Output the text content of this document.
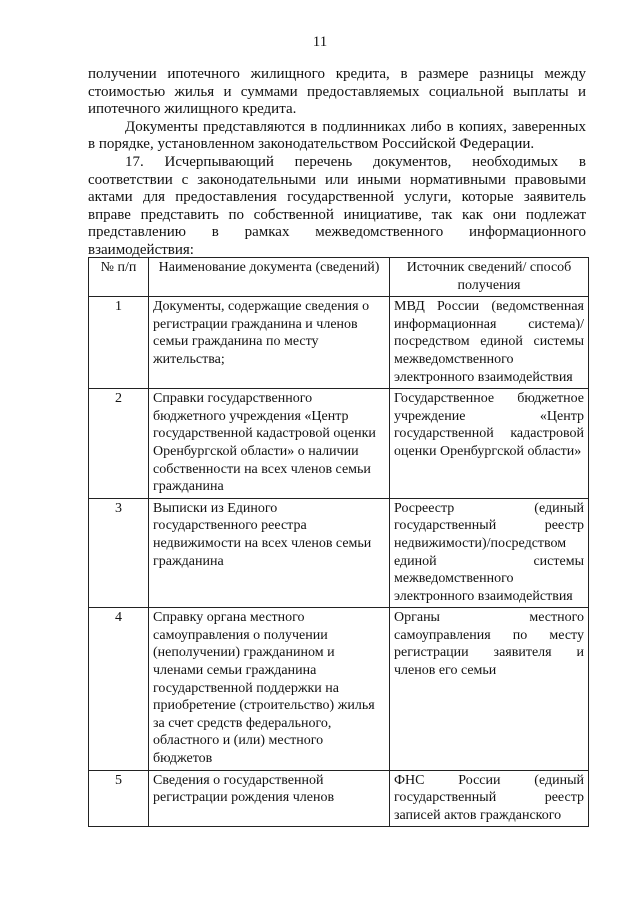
11

получении ипотечного жилищного кредита, в размере разницы между стоимостью жилья и суммами предоставляемых социальной выплаты и ипотечного жилищного кредита.

Документы представляются в подлинниках либо в копиях, заверенных в порядке, установленном законодательством Российской Федерации.

17. Исчерпывающий перечень документов, необходимых в соответствии с законодательными или иными нормативными правовыми актами для предоставления государственной услуги, которые заявитель вправе представить по собственной инициативе, так как они подлежат представлению в рамках межведомственного информационного взаимодействия:

№ п/п	Наименование документа (сведений)	Источник сведений/ способ получения
1	Документы, содержащие сведения о регистрации гражданина и членов семьи гражданина по месту жительства;	МВД России (ведомственная информационная система)/посредством единой системы межведомственного электронного взаимодействия
2	Справки государственного бюджетного учреждения «Центр государственной кадастровой оценки Оренбургской области» о наличии собственности на всех членов семьи гражданина	Государственное бюджетное учреждение «Центр государственной кадастровой оценки Оренбургской области»
3	Выписки из Единого государственного реестра недвижимости на всех членов семьи гражданина	Росреестр (единый государственный реестр недвижимости)/посредством единой системы межведомственного электронного взаимодействия
4	Справку органа местного самоуправления о получении (неполучении) гражданином и членами семьи гражданина государственной поддержки на приобретение (строительство) жилья за счет средств федерального, областного и (или) местного бюджетов	Органы местного самоуправления по месту регистрации заявителя и членов его семьи
5	Сведения о государственной регистрации рождения членов	ФНС России (единый государственный реестр записей актов гражданского
